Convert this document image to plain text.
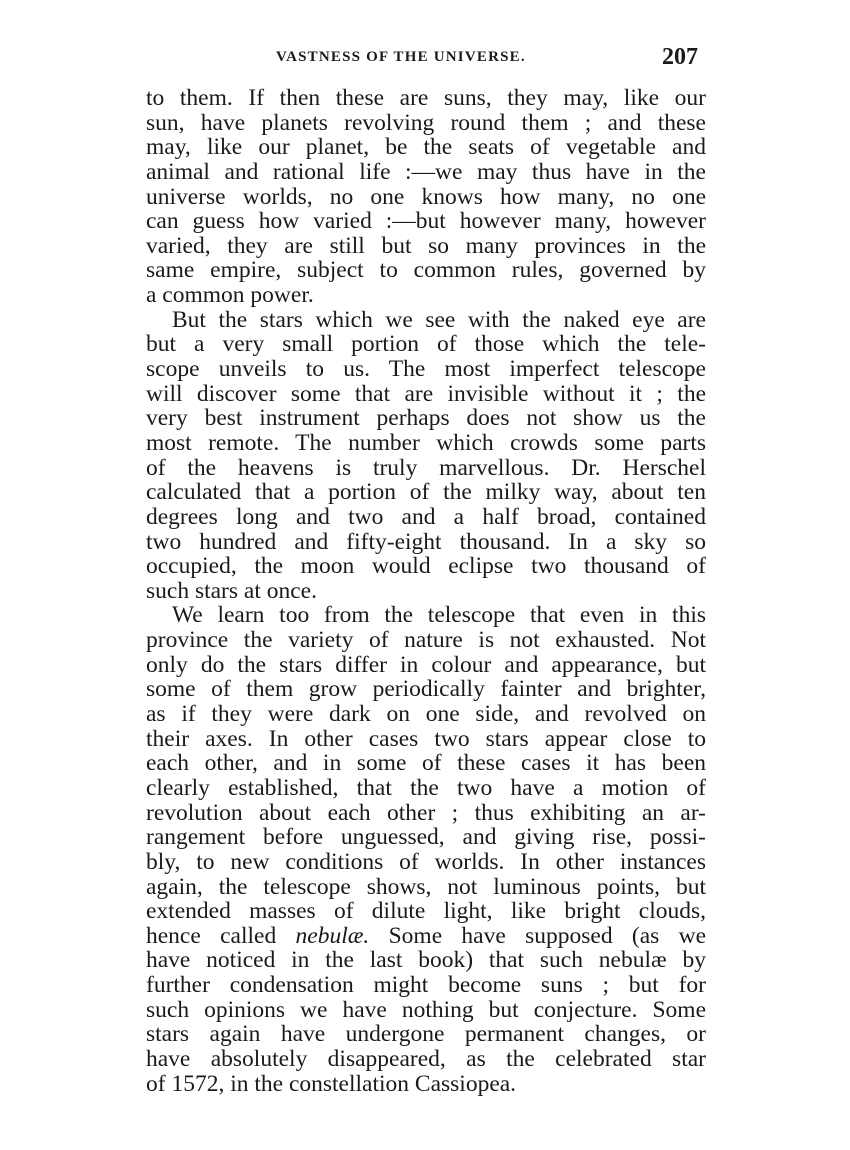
VASTNESS OF THE UNIVERSE.	207
to them. If then these are suns, they may, like our
sun, have planets revolving round them ; and these
may, like our planet, be the seats of vegetable and
animal and rational life :—we may thus have in the
universe worlds, no one knows how many, no one
can guess how varied :—but however many, however
varied, they are still but so many provinces in the
same empire, subject to common rules, governed by
a common power.
But the stars which we see with the naked eye are
but a very small portion of those which the tele-
scope unveils to us. The most imperfect telescope
will discover some that are invisible without it ; the
very best instrument perhaps does not show us the
most remote. The number which crowds some parts
of the heavens is truly marvellous. Dr. Herschel
calculated that a portion of the milky way, about ten
degrees long and two and a half broad, contained
two hundred and fifty-eight thousand. In a sky so
occupied, the moon would eclipse two thousand of
such stars at once.
We learn too from the telescope that even in this
province the variety of nature is not exhausted. Not
only do the stars differ in colour and appearance, but
some of them grow periodically fainter and brighter,
as if they were dark on one side, and revolved on
their axes. In other cases two stars appear close to
each other, and in some of these cases it has been
clearly established, that the two have a motion of
revolution about each other ; thus exhibiting an ar-
rangement before unguessed, and giving rise, possi-
bly, to new conditions of worlds. In other instances
again, the telescope shows, not luminous points, but
extended masses of dilute light, like bright clouds,
hence called nebulæ. Some have supposed (as we
have noticed in the last book) that such nebulæ by
further condensation might become suns ; but for
such opinions we have nothing but conjecture. Some
stars again have undergone permanent changes, or
have absolutely disappeared, as the celebrated star
of 1572, in the constellation Cassiopea.
